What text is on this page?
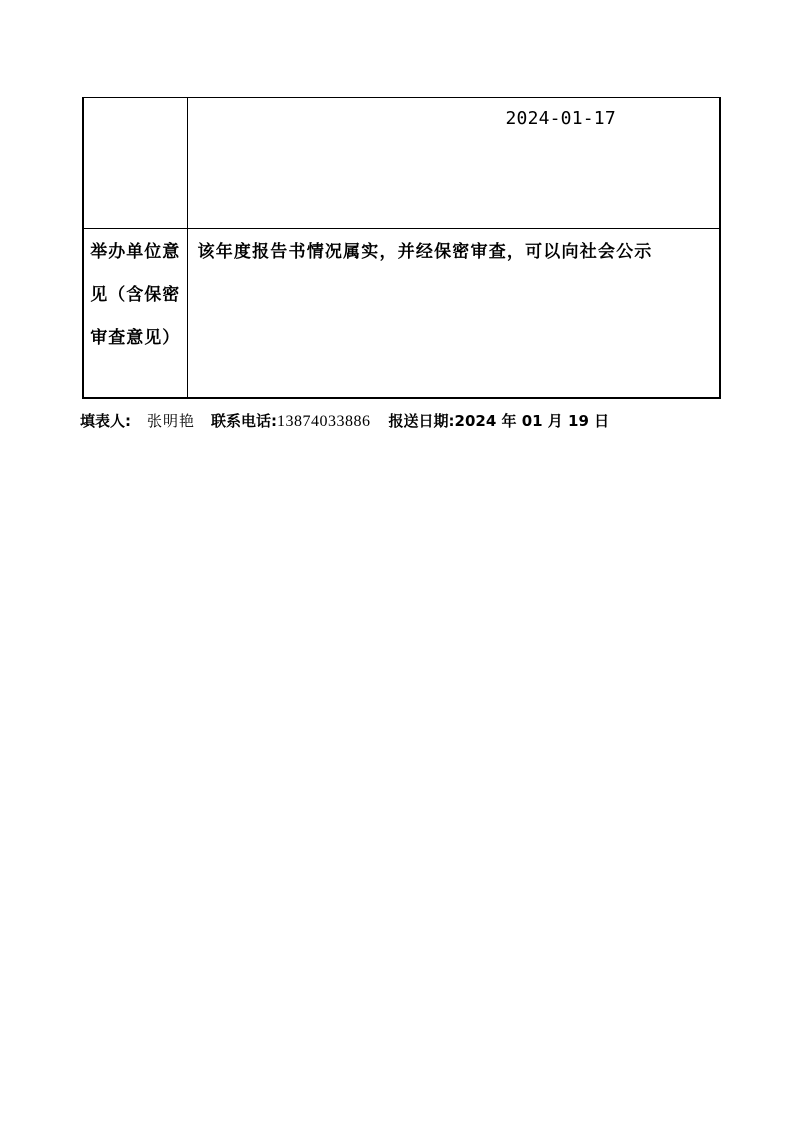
	2024-01-17

举办单位意见（含保密审查意见）	该年度报告书情况属实，并经保密审查，可以向社会公示
填表人: 张明艳 联系电话:13874033886 报送日期:2024 年 01 月 19 日
